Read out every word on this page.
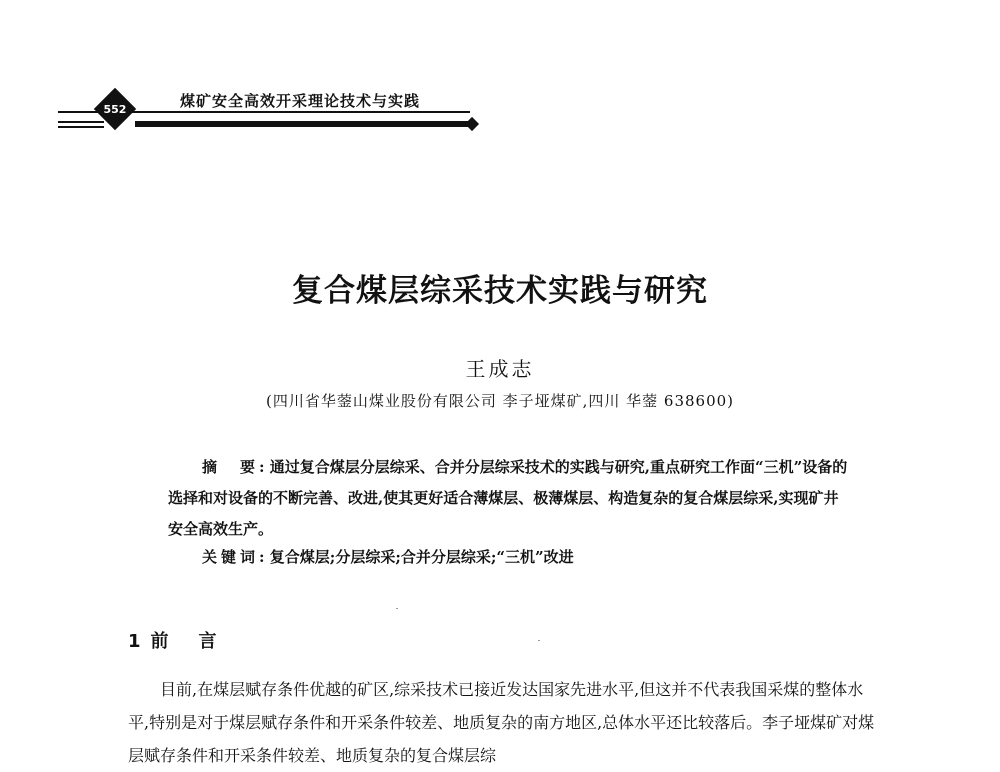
552	煤矿安全高效开采理论技术与实践
复合煤层综采技术实践与研究
王成志
(四川省华蓥山煤业股份有限公司 李子垭煤矿,四川 华蓥 638600)

摘　要: 通过复合煤层分层综采、合并分层综采技术的实践与研究,重点研究工作面“三机”设备的选择和对设备的不断完善、改进,使其更好适合薄煤层、极薄煤层、构造复杂的复合煤层综采,实现矿井安全高效生产。

关键词: 复合煤层;分层综采;合并分层综采;“三机”改进
1 前言

目前,在煤层赋存条件优越的矿区,综采技术已接近发达国家先进水平,但这并不代表我国采煤的整体水平,特别是对于煤层赋存条件和开采条件较差、地质复杂的南方地区,总体水平还比较落后。李子垭煤矿对煤层赋存条件和开采条件较差、地质复杂的复合煤层综
